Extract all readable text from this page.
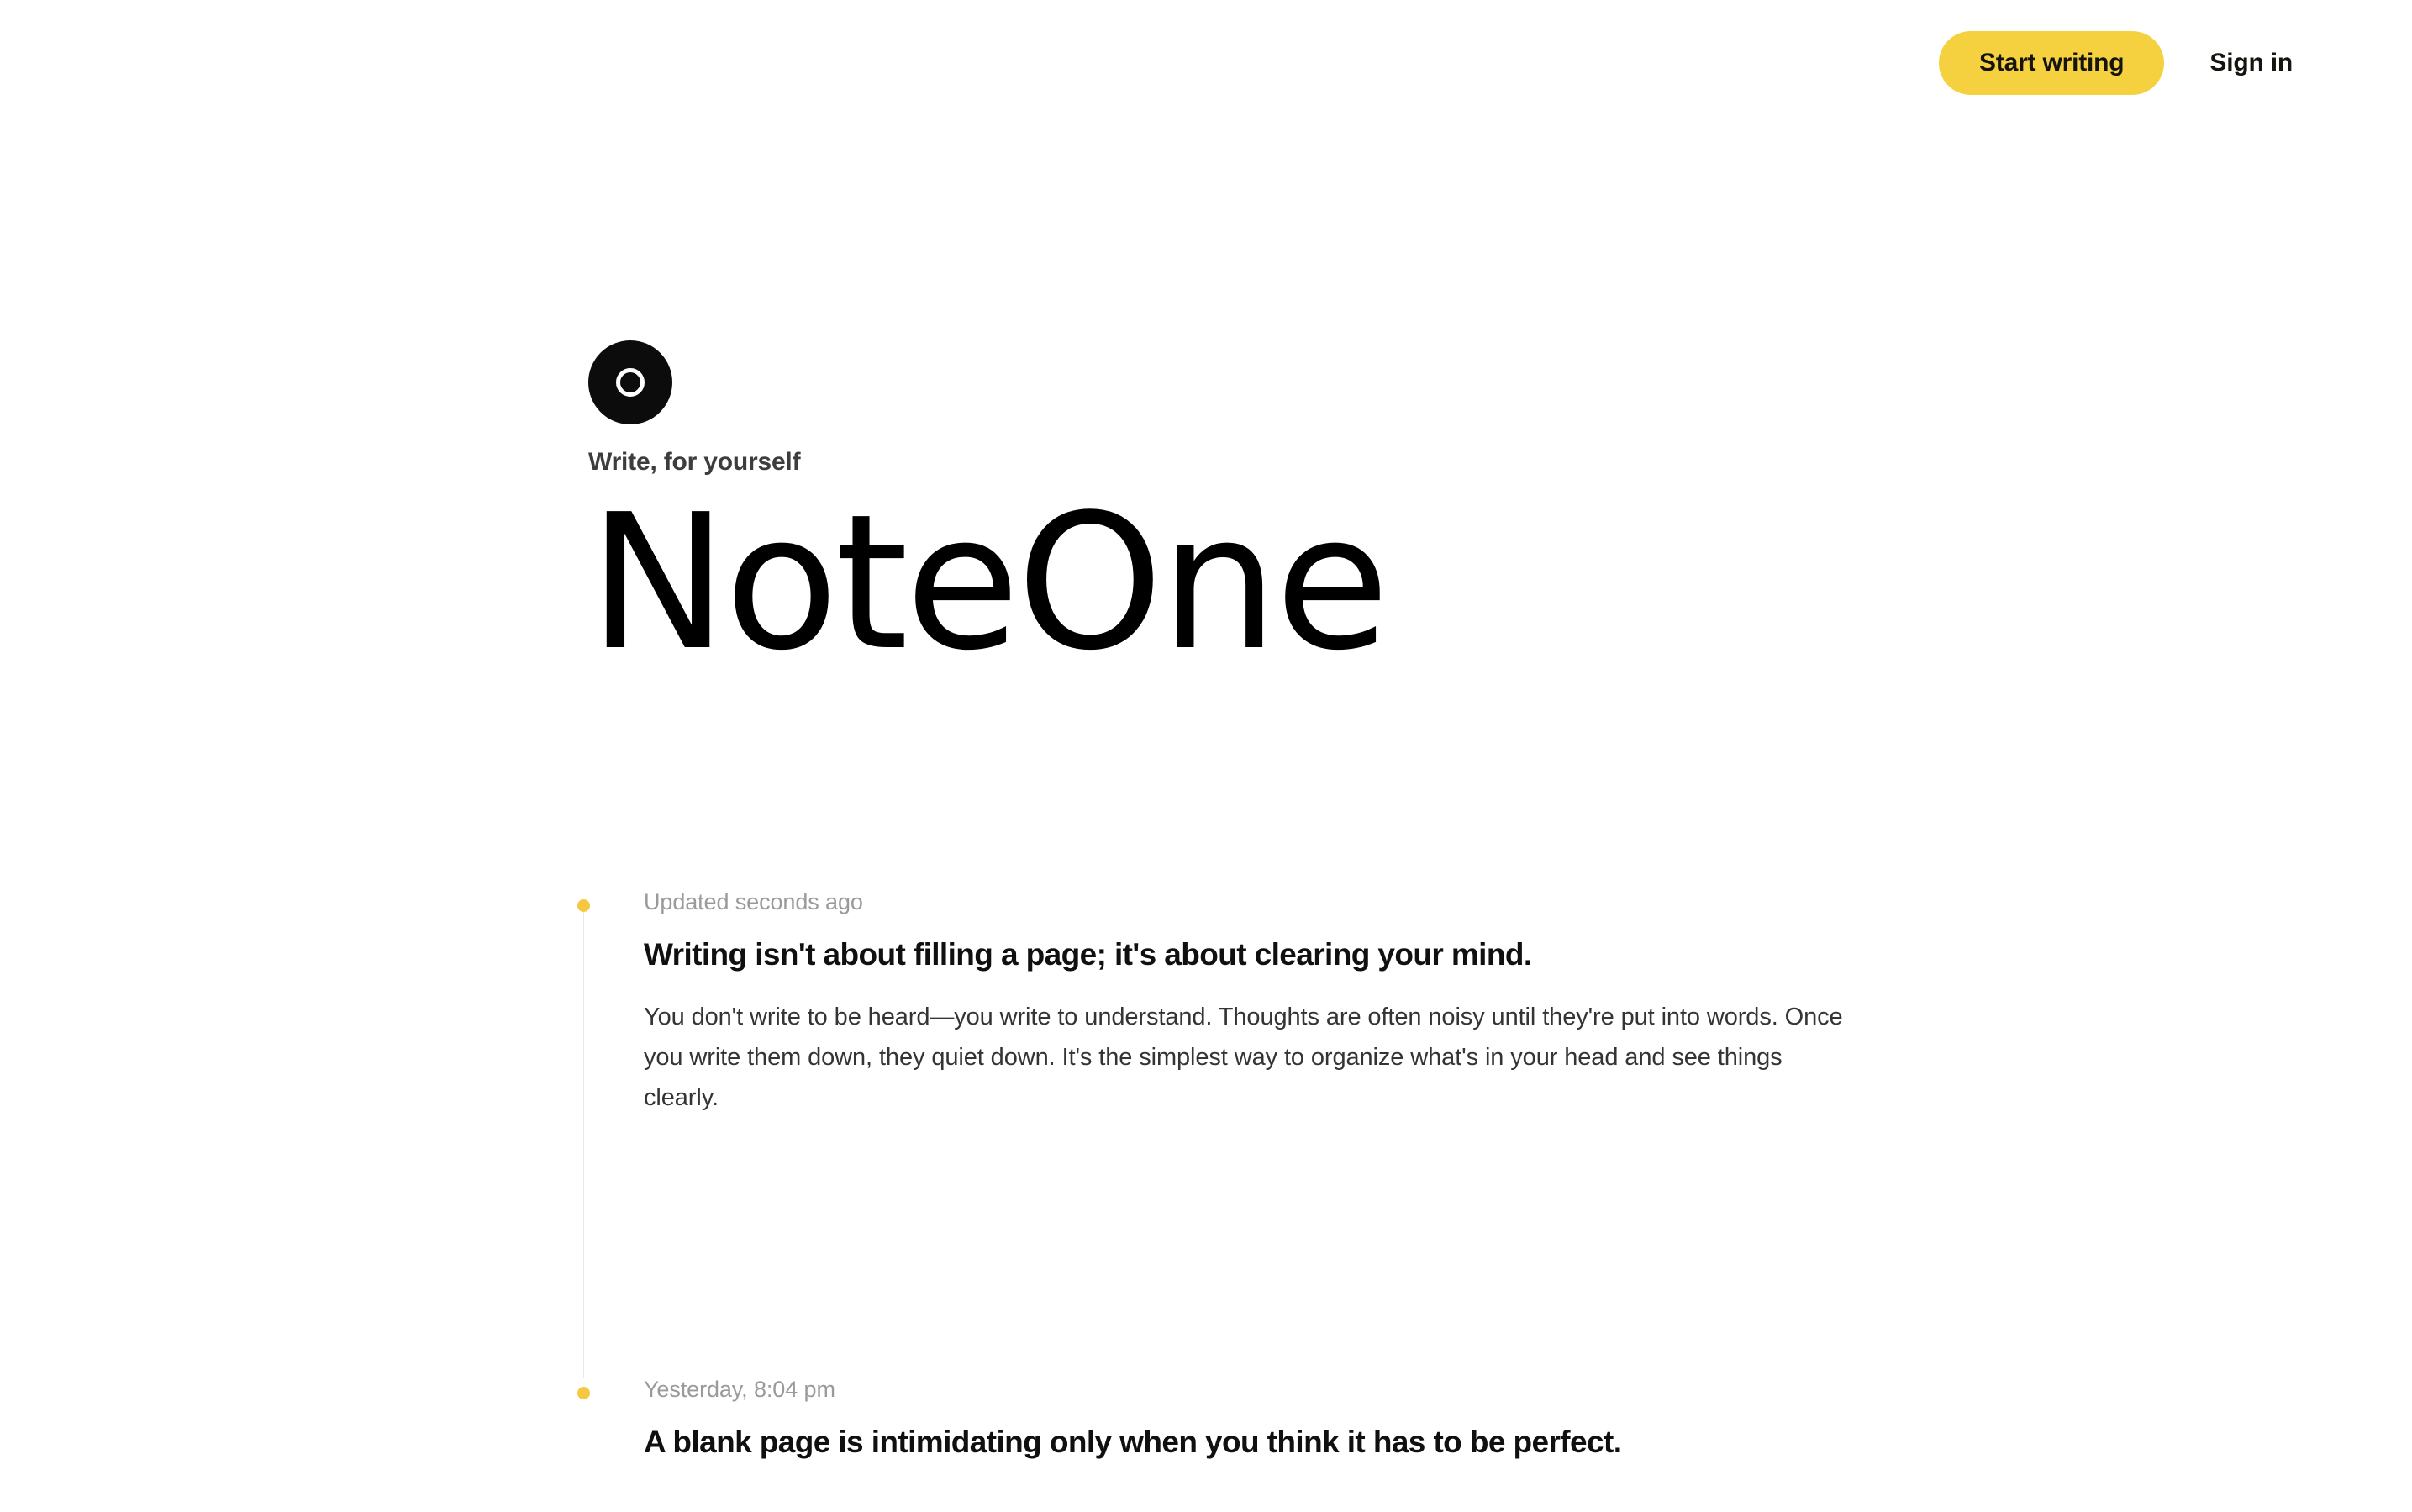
Start writing	Sign in
Write, for yourself
NoteOne
Updated seconds ago
Writing isn't about filling a page; it's about clearing your mind.
You don't write to be heard—you write to understand. Thoughts are often noisy until they're put into words. Once you write them down, they quiet down. It's the simplest way to organize what's in your head and see things clearly.
Yesterday, 8:04 pm
A blank page is intimidating only when you think it has to be perfect.
